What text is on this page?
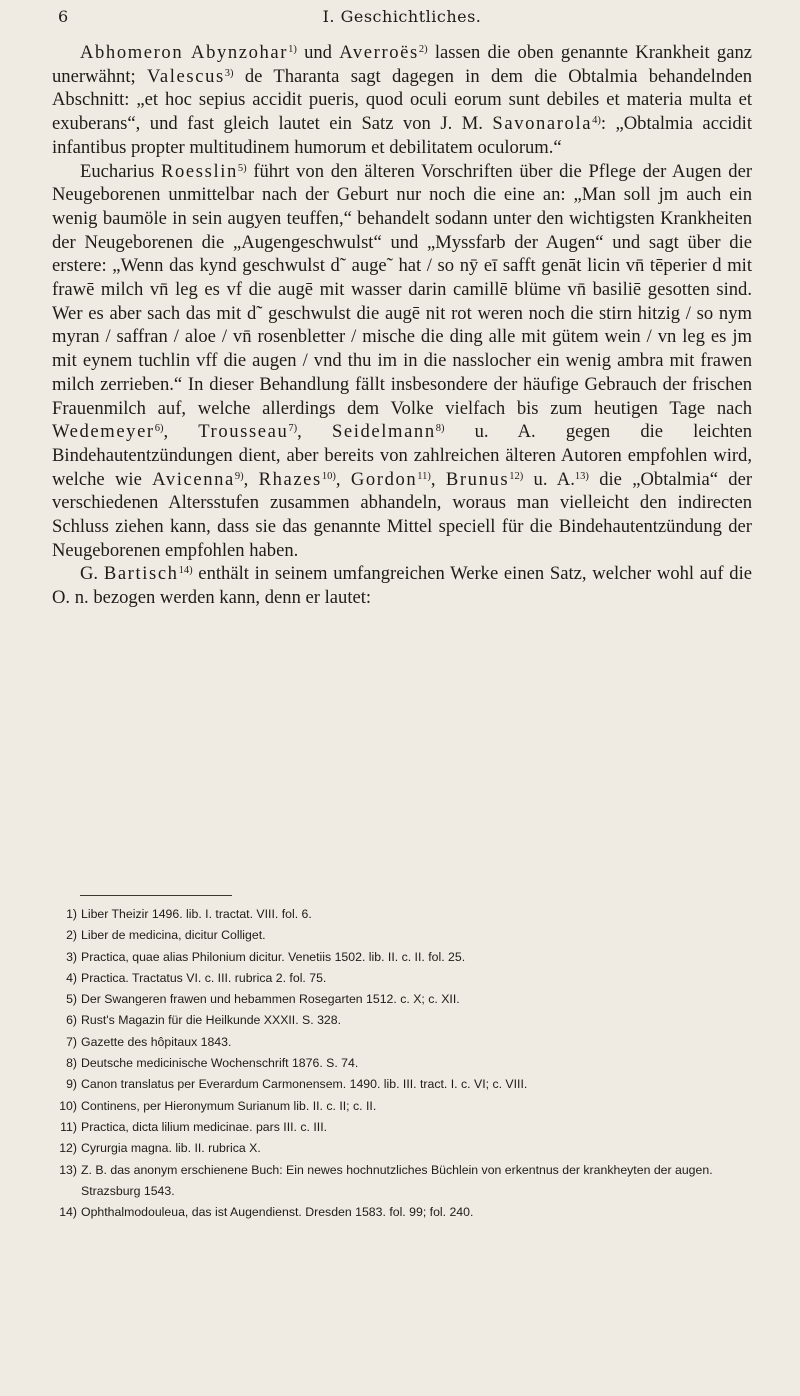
6	I. Geschichtliches.

Abhomeron Abynzohar$^{1)}$ und Averroës$^{2)}$ lassen die oben genannte Krankheit ganz unerwähnt; Valescus$^{3)}$ de Tharanta sagt dagegen in dem die Obtalmia behandelnden Abschnitt: „et hoc sepius accidit pueris, quod oculi eorum sunt debiles et materia multa et exuberans“, und fast gleich lautet ein Satz von J. M. Savonarola$^{4)}$: „Obtalmia accidit infantibus propter multitudinem humorum et debilitatem oculorum.“

Eucharius Roesslin$^{5)}$ führt von den älteren Vorschriften über die Pflege der Augen der Neugeborenen unmittelbar nach der Geburt nur noch die eine an: „Man soll jm auch ein wenig baumöle in sein augyen teuffen,“ behandelt sodann unter den wichtigsten Krankheiten der Neugeborenen die „Augengeschwulst“ und „Myssfarb der Augen“ und sagt über die erstere: „Wenn das kynd geschwulst d˜ auge˜ hat / so nȳ eī safft genāt licin vn̄ tēperier d mit frawē milch vn̄ leg es vf die augē mit wasser darin camillē blüme vn̄ basiliē gesotten sind. Wer es aber sach das mit d˜ geschwulst die augē nit rot weren noch die stirn hitzig / so nym myran / saffran / aloe / vn̄ rosenbletter / mische die ding alle mit gütem wein / vn leg es jm mit eynem tuchlin vff die augen / vnd thu im in die nasslocher ein wenig ambra mit frawen milch zerrieben.“ In dieser Behandlung fällt insbesondere der häufige Gebrauch der frischen Frauenmilch auf, welche allerdings dem Volke vielfach bis zum heutigen Tage nach Wedemeyer$^{6)}$, Trousseau$^{7)}$, Seidelmann$^{8)}$ u. A. gegen die leichten Bindehautentzündungen dient, aber bereits von zahlreichen älteren Autoren empfohlen wird, welche wie Avicenna$^{9)}$, Rhazes$^{10)}$, Gordon$^{11)}$, Brunus$^{12)}$ u. A.$^{13)}$ die „Obtalmia“ der verschiedenen Altersstufen zusammen abhandeln, woraus man vielleicht den indirecten Schluss ziehen kann, dass sie das genannte Mittel speciell für die Bindehautentzündung der Neugeborenen empfohlen haben.

G. Bartisch$^{14)}$ enthält in seinem umfangreichen Werke einen Satz, welcher wohl auf die O. n. bezogen werden kann, denn er lautet:

1) Liber Theizir 1496. lib. I. tractat. VIII. fol. 6.
2) Liber de medicina, dicitur Colliget.
3) Practica, quae alias Philonium dicitur. Venetiis 1502. lib. II. c. II. fol. 25.
4) Practica. Tractatus VI. c. III. rubrica 2. fol. 75.
5) Der Swangeren frawen und hebammen Rosegarten 1512. c. X; c. XII.
6) Rust's Magazin für die Heilkunde XXXII. S. 328.
7) Gazette des hôpitaux 1843.
8) Deutsche medicinische Wochenschrift 1876. S. 74.
9) Canon translatus per Everardum Carmonensem. 1490. lib. III. tract. I. c. VI; c. VIII.
10) Continens, per Hieronymum Surianum lib. II. c. II; c. II.
11) Practica, dicta lilium medicinae. pars III. c. III.
12) Cyrurgia magna. lib. II. rubrica X.
13) Z. B. das anonym erschienene Buch: Ein newes hochnutzliches Büchlein von erkentnus der krankheyten der augen. Strazsburg 1543.
14) Ophthalmodouleua, das ist Augendienst. Dresden 1583. fol. 99; fol. 240.
